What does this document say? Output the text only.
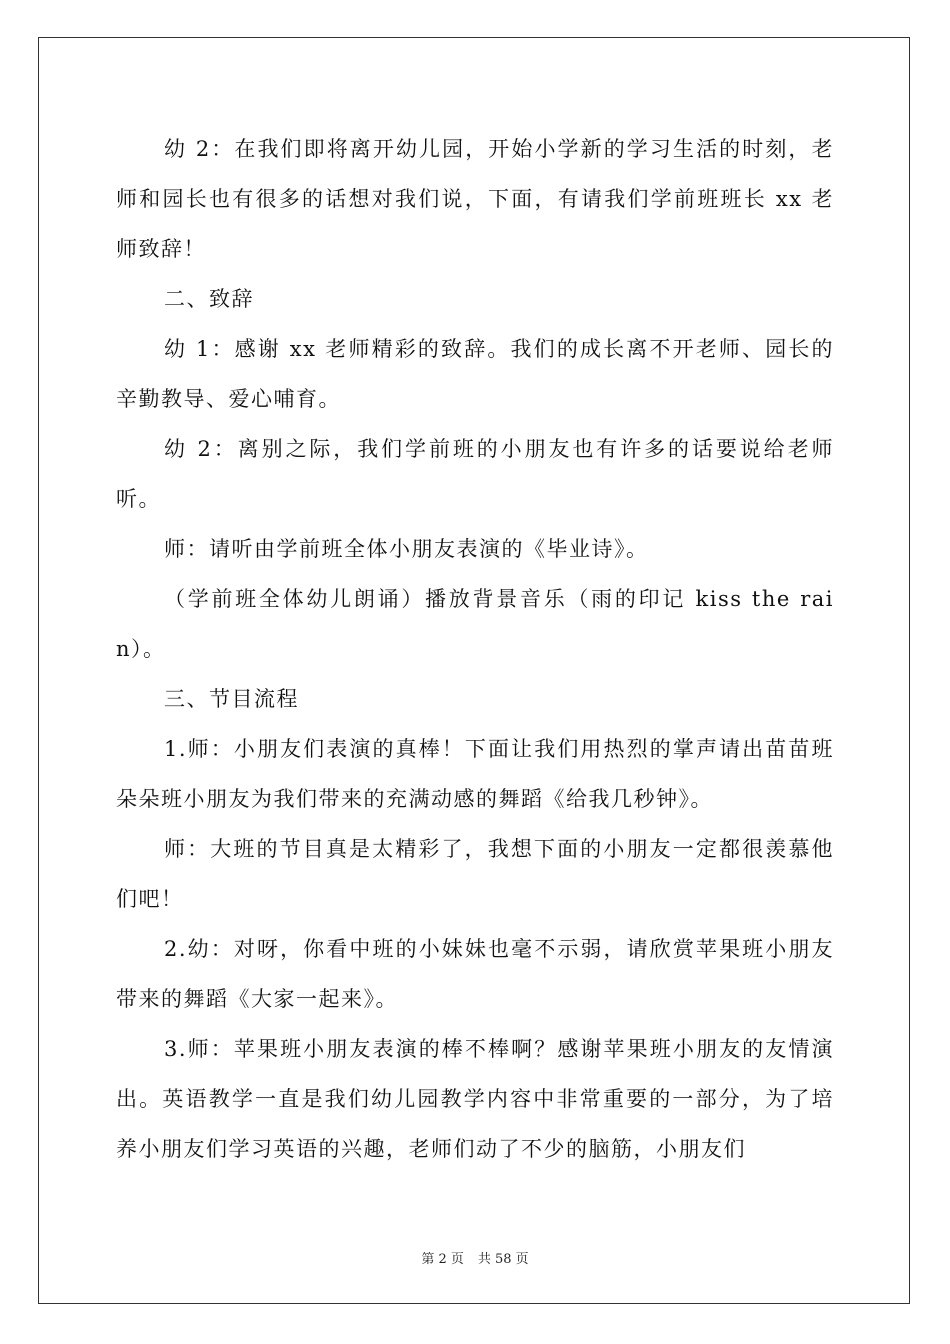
幼 2：在我们即将离开幼儿园，开始小学新的学习生活的时刻，老师和园长也有很多的话想对我们说，下面，有请我们学前班班长 xx 老师致辞！

二、致辞

幼 1：感谢 xx 老师精彩的致辞。我们的成长离不开老师、园长的辛勤教导、爱心哺育。

幼 2：离别之际，我们学前班的小朋友也有许多的话要说给老师听。

师：请听由学前班全体小朋友表演的《毕业诗》。

（学前班全体幼儿朗诵）播放背景音乐（雨的印记 kiss the rain）。

三、节目流程

1.师：小朋友们表演的真棒！下面让我们用热烈的掌声请出苗苗班朵朵班小朋友为我们带来的充满动感的舞蹈《给我几秒钟》。

师：大班的节目真是太精彩了，我想下面的小朋友一定都很羡慕他们吧！

2.幼：对呀，你看中班的小妹妹也毫不示弱，请欣赏苹果班小朋友带来的舞蹈《大家一起来》。

3.师：苹果班小朋友表演的棒不棒啊？感谢苹果班小朋友的友情演出。英语教学一直是我们幼儿园教学内容中非常重要的一部分，为了培养小朋友们学习英语的兴趣，老师们动了不少的脑筋，小朋友们

第 2 页 共 58 页
